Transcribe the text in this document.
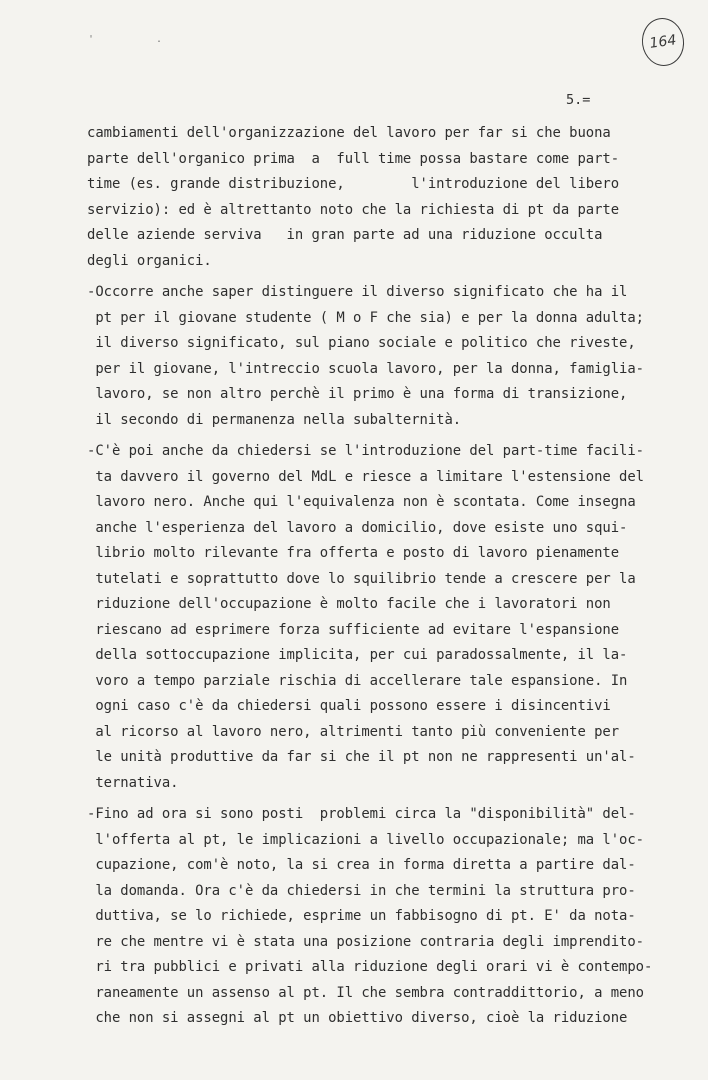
' .	164
5.=
cambiamenti dell'organizzazione del lavoro per far si che buona
parte dell'organico prima  a  full time possa bastare come part-
time (es. grande distribuzione,        l'introduzione del libero
servizio): ed è altrettanto noto che la richiesta di pt da parte
delle aziende serviva   in gran parte ad una riduzione occulta
degli organici.
-Occorre anche saper distinguere il diverso significato che ha il
pt per il giovane studente ( M o F che sia) e per la donna adulta;
il diverso significato, sul piano sociale e politico che riveste,
per il giovane, l'intreccio scuola lavoro, per la donna, famiglia-
lavoro, se non altro perchè il primo è una forma di transizione,
il secondo di permanenza nella subalternità.
-C'è poi anche da chiedersi se l'introduzione del part-time facili-
ta davvero il governo del MdL e riesce a limitare l'estensione del
lavoro nero. Anche qui l'equivalenza non è scontata. Come insegna
anche l'esperienza del lavoro a domicilio, dove esiste uno squi-
librio molto rilevante fra offerta e posto di lavoro pienamente
tutelati e soprattutto dove lo squilibrio tende a crescere per la
riduzione dell'occupazione è molto facile che i lavoratori non
riescano ad esprimere forza sufficiente ad evitare l'espansione
della sottoccupazione implicita, per cui paradossalmente, il la-
voro a tempo parziale rischia di accellerare tale espansione. In
ogni caso c'è da chiedersi quali possono essere i disincentivi
al ricorso al lavoro nero, altrimenti tanto più conveniente per
le unità produttive da far si che il pt non ne rappresenti un'al-
ternativa.
-Fino ad ora si sono posti  problemi circa la "disponibilità" del-
l'offerta al pt, le implicazioni a livello occupazionale; ma l'oc-
cupazione, com'è noto, la si crea in forma diretta a partire dal-
la domanda. Ora c'è da chiedersi in che termini la struttura pro-
duttiva, se lo richiede, esprime un fabbisogno di pt. E' da nota-
re che mentre vi è stata una posizione contraria degli imprendito-
ri tra pubblici e privati alla riduzione degli orari vi è contempo-
raneamente un assenso al pt. Il che sembra contraddittorio, a meno
che non si assegni al pt un obiettivo diverso, cioè la riduzione
